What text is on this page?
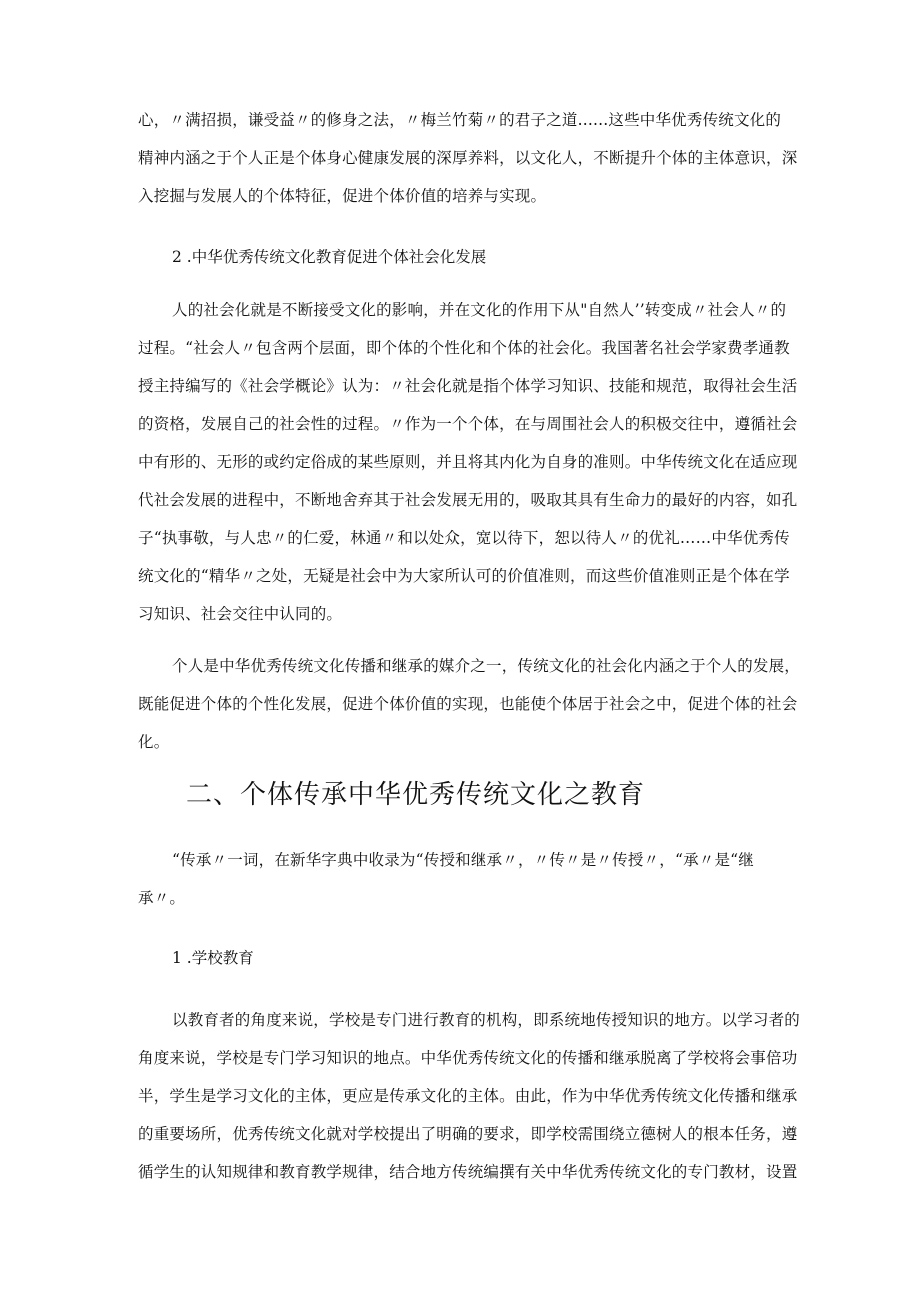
心，〃满招损，谦受益〃的修身之法，〃梅兰竹菊〃的君子之道......这些中华优秀传统文化的
精神内涵之于个人正是个体身心健康发展的深厚养料，以文化人，不断提升个体的主体意识，深
入挖掘与发展人的个体特征，促进个体价值的培养与实现。
2 .中华优秀传统文化教育促进个体社会化发展
人的社会化就是不断接受文化的影响，并在文化的作用下从"自然人’’转变成〃社会人〃的
过程。“社会人〃包含两个层面，即个体的个性化和个体的社会化。我国著名社会学家费孝通教
授主持编写的《社会学概论》认为：〃社会化就是指个体学习知识、技能和规范，取得社会生活
的资格，发展自己的社会性的过程。〃作为一个个体，在与周围社会人的积极交往中，遵循社会
中有形的、无形的或约定俗成的某些原则，并且将其内化为自身的准则。中华传统文化在适应现
代社会发展的进程中，不断地舍弃其于社会发展无用的，吸取其具有生命力的最好的内容，如孔
子“执事敬，与人忠〃的仁爱，林通〃和以处众，宽以待下，恕以待人〃的优礼……中华优秀传
统文化的“精华〃之处，无疑是社会中为大家所认可的价值准则，而这些价值准则正是个体在学
习知识、社会交往中认同的。
个人是中华优秀传统文化传播和继承的媒介之一，传统文化的社会化内涵之于个人的发展，
既能促进个体的个性化发展，促进个体价值的实现，也能使个体居于社会之中，促进个体的社会
化。
二、个体传承中华优秀传统文化之教育
“传承〃一词，在新华字典中收录为“传授和继承〃，〃传〃是〃传授〃，“承〃是“继
承〃。
1 .学校教育
以教育者的角度来说，学校是专门进行教育的机构，即系统地传授知识的地方。以学习者的
角度来说，学校是专门学习知识的地点。中华优秀传统文化的传播和继承脱离了学校将会事倍功
半，学生是学习文化的主体，更应是传承文化的主体。由此，作为中华优秀传统文化传播和继承
的重要场所，优秀传统文化就对学校提出了明确的要求，即学校需围绕立德树人的根本任务，遵
循学生的认知规律和教育教学规律，结合地方传统编撰有关中华优秀传统文化的专门教材，设置
